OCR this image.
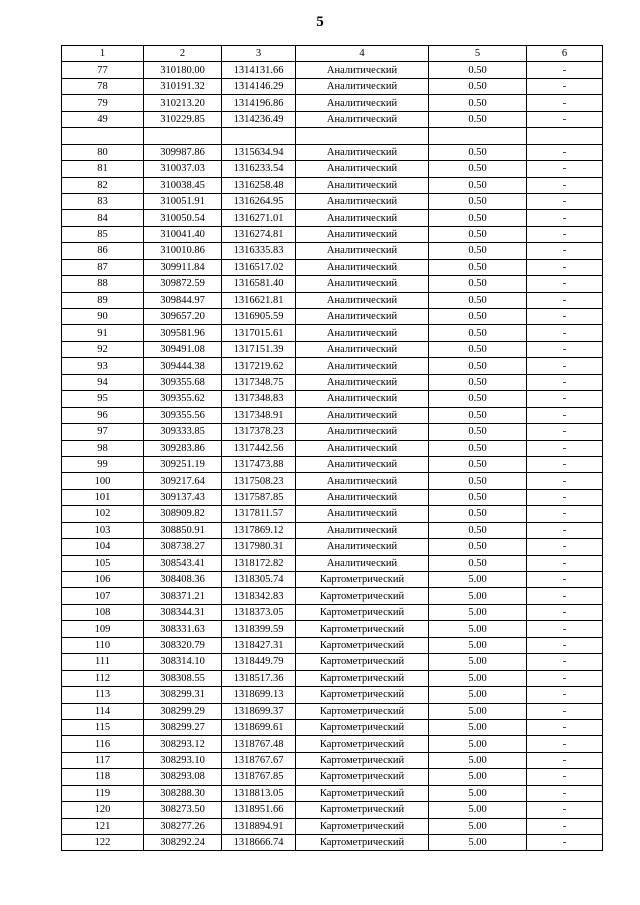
5
1	2	3	4	5	6
77	310180.00	1314131.66	Аналитический	0.50	-
78	310191.32	1314146.29	Аналитический	0.50	-
79	310213.20	1314196.86	Аналитический	0.50	-
49	310229.85	1314236.49	Аналитический	0.50	-

80	309987.86	1315634.94	Аналитический	0.50	-
81	310037.03	1316233.54	Аналитический	0.50	-
82	310038.45	1316258.48	Аналитический	0.50	-
83	310051.91	1316264.95	Аналитический	0.50	-
84	310050.54	1316271.01	Аналитический	0.50	-
85	310041.40	1316274.81	Аналитический	0.50	-
86	310010.86	1316335.83	Аналитический	0.50	-
87	309911.84	1316517.02	Аналитический	0.50	-
88	309872.59	1316581.40	Аналитический	0.50	-
89	309844.97	1316621.81	Аналитический	0.50	-
90	309657.20	1316905.59	Аналитический	0.50	-
91	309581.96	1317015.61	Аналитический	0.50	-
92	309491.08	1317151.39	Аналитический	0.50	-
93	309444.38	1317219.62	Аналитический	0.50	-
94	309355.68	1317348.75	Аналитический	0.50	-
95	309355.62	1317348.83	Аналитический	0.50	-
96	309355.56	1317348.91	Аналитический	0.50	-
97	309333.85	1317378.23	Аналитический	0.50	-
98	309283.86	1317442.56	Аналитический	0.50	-
99	309251.19	1317473.88	Аналитический	0.50	-
100	309217.64	1317508.23	Аналитический	0.50	-
101	309137.43	1317587.85	Аналитический	0.50	-
102	308909.82	1317811.57	Аналитический	0.50	-
103	308850.91	1317869.12	Аналитический	0.50	-
104	308738.27	1317980.31	Аналитический	0.50	-
105	308543.41	1318172.82	Аналитический	0.50	-
106	308408.36	1318305.74	Картометрический	5.00	-
107	308371.21	1318342.83	Картометрический	5.00	-
108	308344.31	1318373.05	Картометрический	5.00	-
109	308331.63	1318399.59	Картометрический	5.00	-
110	308320.79	1318427.31	Картометрический	5.00	-
111	308314.10	1318449.79	Картометрический	5.00	-
112	308308.55	1318517.36	Картометрический	5.00	-
113	308299.31	1318699.13	Картометрический	5.00	-
114	308299.29	1318699.37	Картометрический	5.00	-
115	308299.27	1318699.61	Картометрический	5.00	-
116	308293.12	1318767.48	Картометрический	5.00	-
117	308293.10	1318767.67	Картометрический	5.00	-
118	308293.08	1318767.85	Картометрический	5.00	-
119	308288.30	1318813.05	Картометрический	5.00	-
120	308273.50	1318951.66	Картометрический	5.00	-
121	308277.26	1318894.91	Картометрический	5.00	-
122	308292.24	1318666.74	Картометрический	5.00	-
